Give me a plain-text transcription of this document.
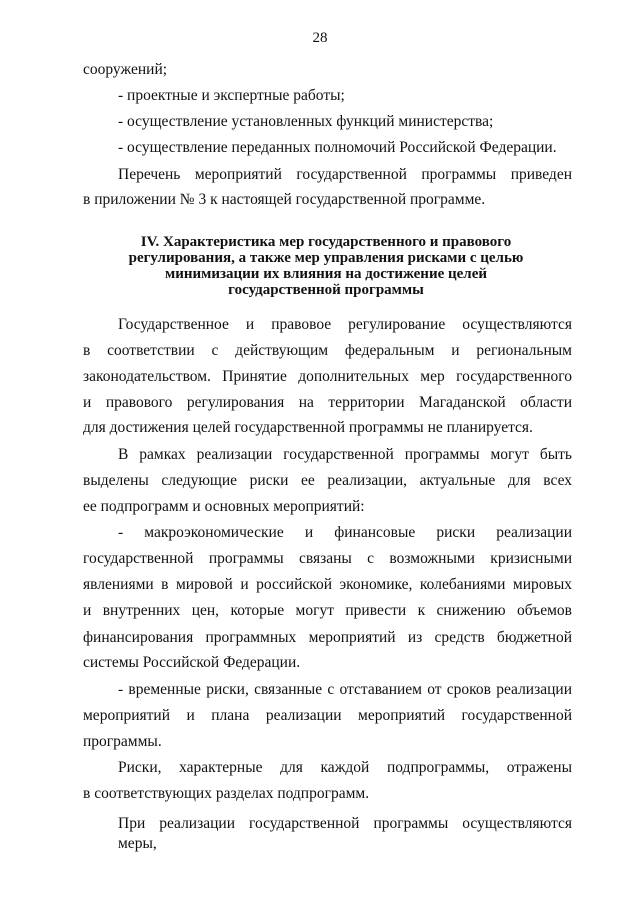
28
сооружений;
- проектные и экспертные работы;
- осуществление установленных функций министерства;
- осуществление переданных полномочий Российской Федерации.
Перечень мероприятий государственной программы приведен
в приложении № 3 к настоящей государственной программе.
IV. Характеристика мер государственного и правового
регулирования, а также мер управления рисками с целью
минимизации их влияния на достижение целей
государственной программы
Государственное и правовое регулирование осуществляются
в соответствии с действующим федеральным и региональным
законодательством. Принятие дополнительных мер государственного
и правового регулирования на территории Магаданской области
для достижения целей государственной программы не планируется.
В рамках реализации государственной программы могут быть
выделены следующие риски ее реализации, актуальные для всех
ее подпрограмм и основных мероприятий:
- макроэкономические и финансовые риски реализации
государственной программы связаны с возможными кризисными
явлениями в мировой и российской экономике, колебаниями мировых
и внутренних цен, которые могут привести к снижению объемов
финансирования программных мероприятий из средств бюджетной
системы Российской Федерации.
- временные риски, связанные с отставанием от сроков реализации
мероприятий и плана реализации мероприятий государственной
программы.
Риски, характерные для каждой подпрограммы, отражены
в соответствующих разделах подпрограмм.
При реализации государственной программы осуществляются меры,
